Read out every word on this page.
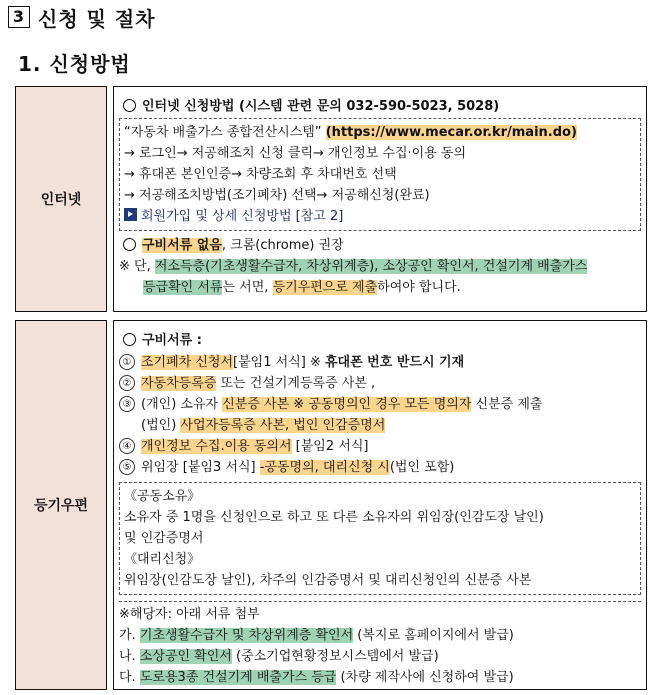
3 신청 및 절차
1. 신청방법
인터넷
인터넷 신청방법 (시스템 관련 문의 032-590-5023, 5028)
“자동차 배출가스 종합전산시스템” (https://www.mecar.or.kr/main.do)
→ 로그인→ 저공해조치 신청 클릭→ 개인정보 수집·이용 동의
→ 휴대폰 본인인증→ 차량조회 후 차대번호 선택
→ 저공해조치방법(조기폐차) 선택→ 저공해신청(완료)
회원가입 및 상세 신청방법 [참고 2]
구비서류 없음, 크롬(chrome) 권장
※ 단, 저소득층(기초생활수급자, 차상위계층), 소상공인 확인서, 건설기계 배출가스
등급확인 서류는 서면, 등기우편으로 제출하여야 합니다.
등기우편
구비서류 :
① 조기폐차 신청서[붙임1 서식] ※ 휴대폰 번호 반드시 기재
② 자동차등록증 또는 건설기계등록증 사본 ,
③ (개인) 소유자 신분증 사본 ※ 공동명의인 경우 모든 명의자 신분증 제출
(법인) 사업자등록증 사본, 법인 인감증명서
④ 개인정보 수집.이용 동의서 [붙임2 서식]
⑤ 위임장 [붙임3 서식] -공동명의, 대리신청 시(법인 포함)
《공동소유》
소유자 중 1명을 신청인으로 하고 또 다른 소유자의 위임장(인감도장 날인)
및 인감증명서
《대리신청》
위임장(인감도장 날인), 차주의 인감증명서 및 대리신청인의 신분증 사본
※해당자: 아래 서류 첨부
가. 기초생활수급자 및 차상위계층 확인서 (복지로 홈페이지에서 발급)
나. 소상공인 확인서 (중소기업현황정보시스템에서 발급)
다. 도로용3종 건설기계 배출가스 등급 (차량 제작사에 신청하여 발급)
